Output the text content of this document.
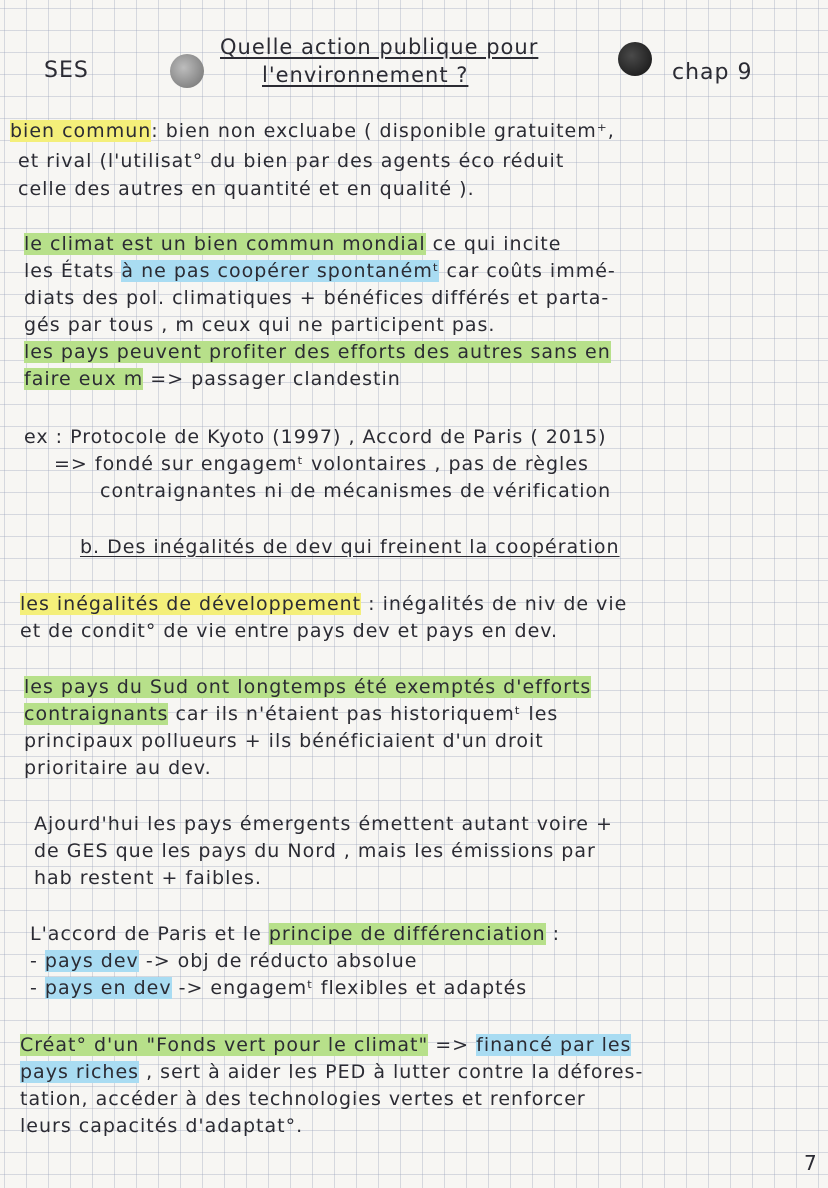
SES
Quelle action publique pour
l'environnement ?	chap 9
bien commun: bien non excluabe ( disponible gratuitem⁺,
et rival (l'utilisat° du bien par des agents éco réduit
celle des autres en quantité et en qualité ).
le climat est un bien commun mondial ce qui incite
les États à ne pas coopérer spontanémᵗ car coûts immé-
diats des pol. climatiques + bénéfices différés et parta-
gés par tous , m ceux qui ne participent pas.
les pays peuvent profiter des efforts des autres sans en
faire eux m => passager clandestin
ex : Protocole de Kyoto (1997) , Accord de Paris ( 2015)
=> fondé sur engagemᵗ volontaires , pas de règles
contraignantes ni de mécanismes de vérification
b. Des inégalités de dev qui freinent la coopération
les inégalités de développement : inégalités de niv de vie
et de condit° de vie entre pays dev et pays en dev.
les pays du Sud ont longtemps été exemptés d'efforts
contraignants car ils n'étaient pas historiquemᵗ les
principaux pollueurs + ils bénéficiaient d'un droit
prioritaire au dev.
Ajourd'hui les pays émergents émettent autant voire +
de GES que les pays du Nord , mais les émissions par
hab restent + faibles.
L'accord de Paris et le principe de différenciation :
- pays dev -> obj de réducto absolue
- pays en dev -> engagemᵗ flexibles et adaptés
Créat° d'un "Fonds vert pour le climat" => financé par les
pays riches , sert à aider les PED à lutter contre la défores-
tation, accéder à des technologies vertes et renforcer
leurs capacités d'adaptat°.
7
